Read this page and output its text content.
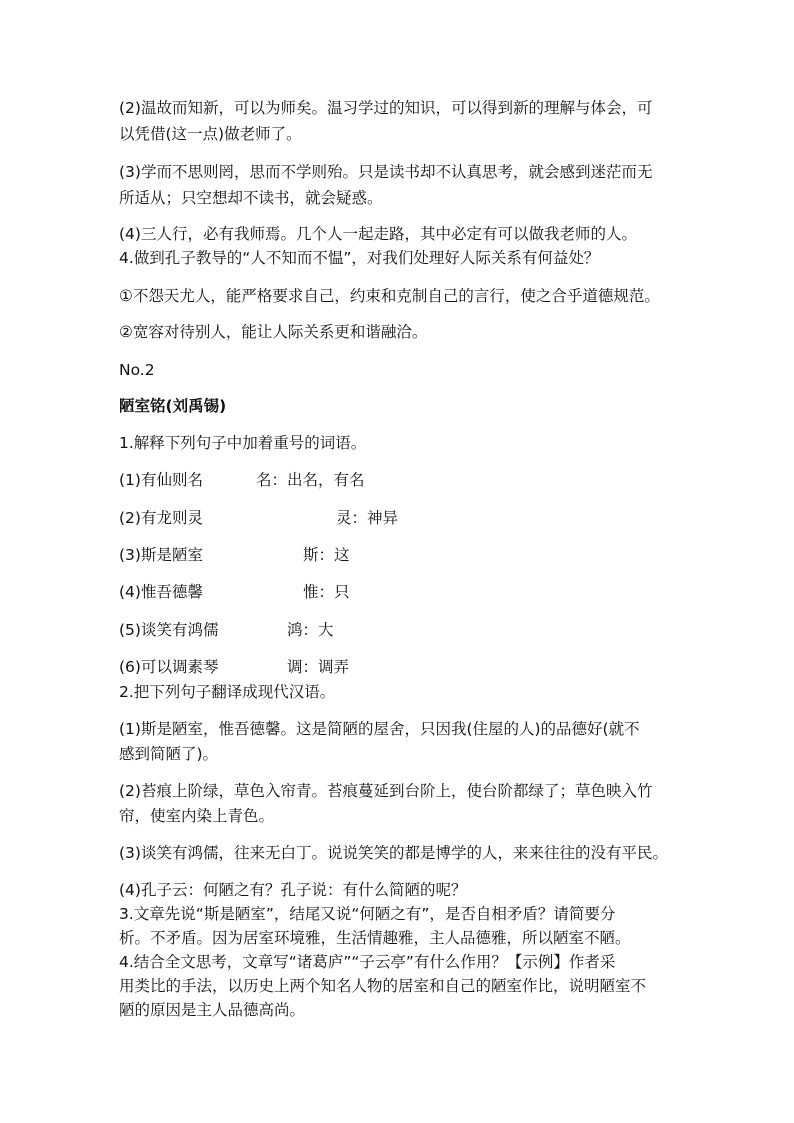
(2)温故而知新，可以为师矣。温习学过的知识，可以得到新的理解与体会，可
以凭借(这一点)做老师了。
(3)学而不思则罔，思而不学则殆。只是读书却不认真思考，就会感到迷茫而无
所适从；只空想却不读书，就会疑惑。
(4)三人行，必有我师焉。几个人一起走路，其中必定有可以做我老师的人。
4.做到孔子教导的“人不知而不愠”，对我们处理好人际关系有何益处？
①不怨天尤人，能严格要求自己，约束和克制自己的言行，使之合乎道德规范。
②宽容对待别人，能让人际关系更和谐融洽。
No.2
陋室铭(刘禹锡)
1.解释下列句子中加着重号的词语。
(1)有仙则名	名：出名，有名
(2)有龙则灵	灵：神异
(3)斯是陋室	斯：这
(4)惟吾德馨	惟：只
(5)谈笑有鸿儒	鸿：大
(6)可以调素琴	调：调弄
2.把下列句子翻译成现代汉语。
(1)斯是陋室，惟吾德馨。这是简陋的屋舍，只因我(住屋的人)的品德好(就不
感到简陋了)。
(2)苔痕上阶绿，草色入帘青。苔痕蔓延到台阶上，使台阶都绿了；草色映入竹
帘，使室内染上青色。
(3)谈笑有鸿儒，往来无白丁。说说笑笑的都是博学的人，来来往往的没有平民。
(4)孔子云：何陋之有？孔子说：有什么简陋的呢？
3.文章先说“斯是陋室”，结尾又说“何陋之有”，是否自相矛盾？请简要分
析。不矛盾。因为居室环境雅，生活情趣雅，主人品德雅，所以陋室不陋。
4.结合全文思考，文章写“诸葛庐”“子云亭”有什么作用？【示例】作者采
用类比的手法，以历史上两个知名人物的居室和自己的陋室作比，说明陋室不
陋的原因是主人品德高尚。
